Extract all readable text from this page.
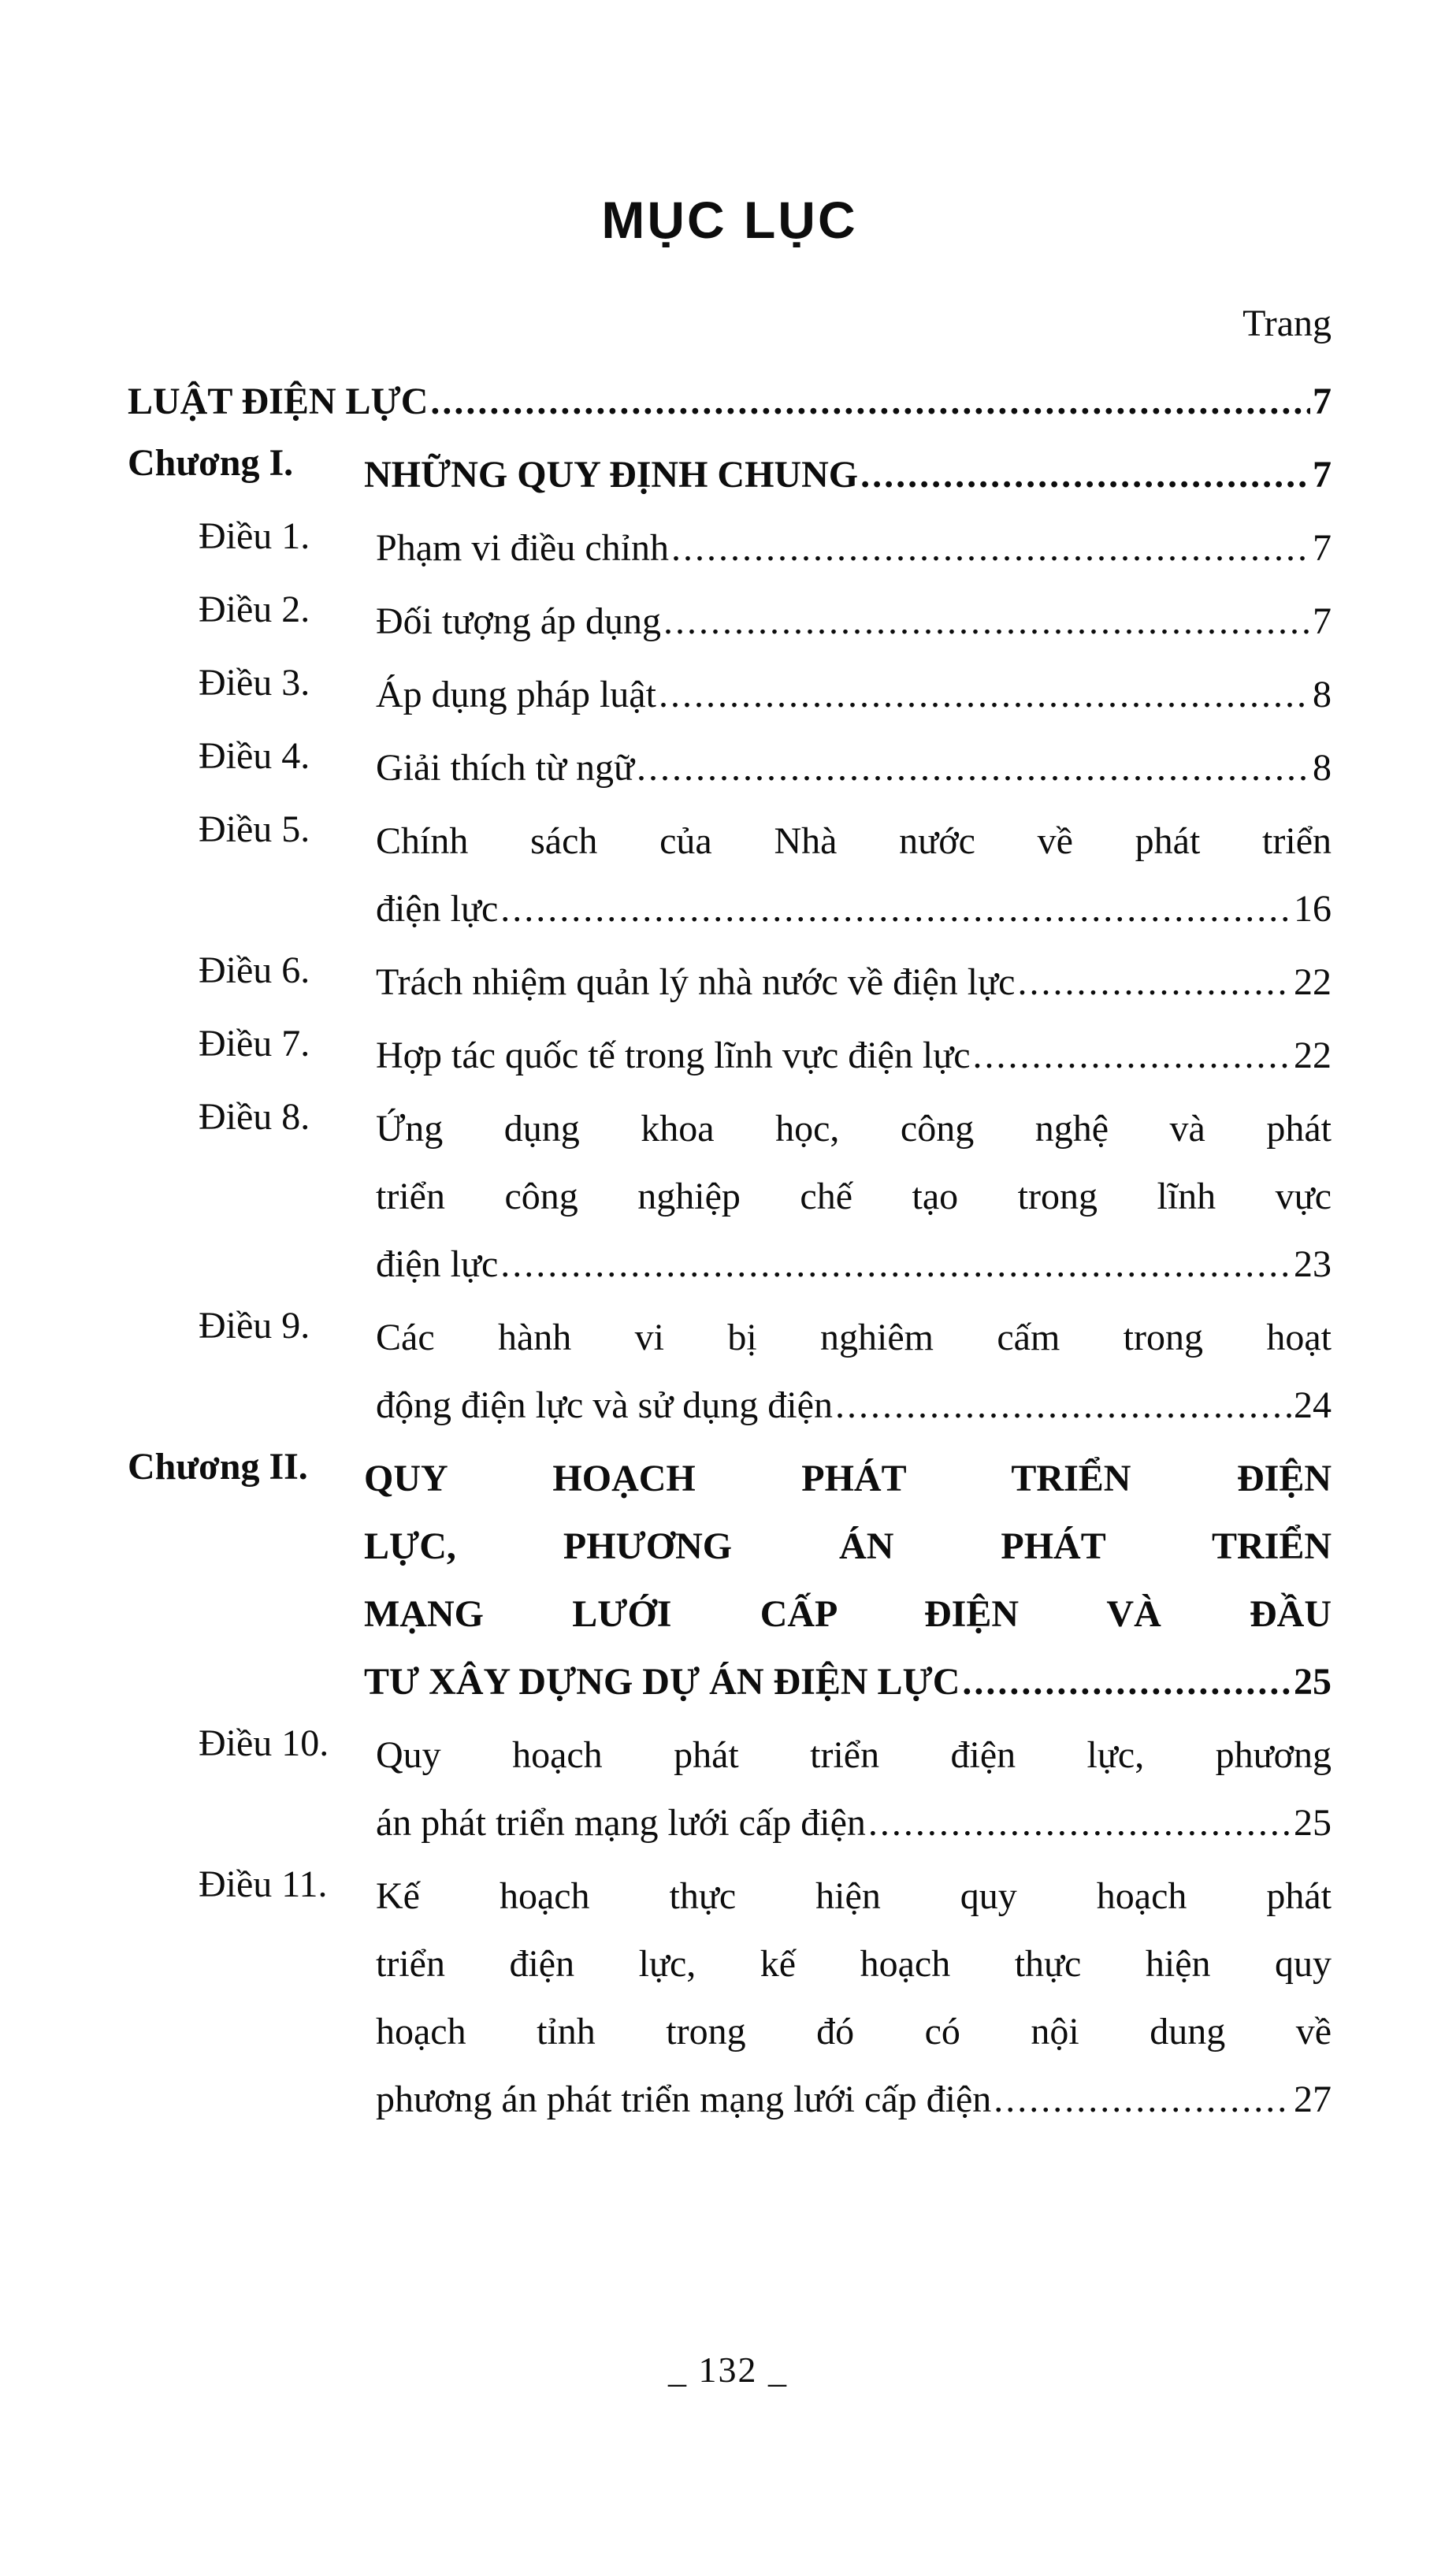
MỤC LỤC
Trang
LUẬT ĐIỆN LỰC .....	7
Chương I.	NHỮNG QUY ĐỊNH CHUNG .....	7
Điều 1.	Phạm vi điều chỉnh .....	7
Điều 2.	Đối tượng áp dụng .....	7
Điều 3.	Áp dụng pháp luật .....	8
Điều 4.	Giải thích từ ngữ .....	8
Điều 5.	Chính sách của Nhà nước về phát triển
điện lực .....	16
Điều 6.	Trách nhiệm quản lý nhà nước về điện lực .....	22
Điều 7.	Hợp tác quốc tế trong lĩnh vực điện lực .....	22
Điều 8.	Ứng dụng khoa học, công nghệ và phát
triển công nghiệp chế tạo trong lĩnh vực
điện lực .....	23
Điều 9.	Các hành vi bị nghiêm cấm trong hoạt
động điện lực và sử dụng điện .....	24
Chương II.	QUY HOẠCH PHÁT TRIỂN ĐIỆN
LỰC, PHƯƠNG ÁN PHÁT TRIỂN
MẠNG LƯỚI CẤP ĐIỆN VÀ ĐẦU
TƯ XÂY DỰNG DỰ ÁN ĐIỆN LỰC .....	25
Điều 10.	Quy hoạch phát triển điện lực, phương
án phát triển mạng lưới cấp điện .....	25
Điều 11.	Kế hoạch thực hiện quy hoạch phát
triển điện lực, kế hoạch thực hiện quy
hoạch tỉnh trong đó có nội dung về
phương án phát triển mạng lưới cấp điện .....	27
_ 132 _
